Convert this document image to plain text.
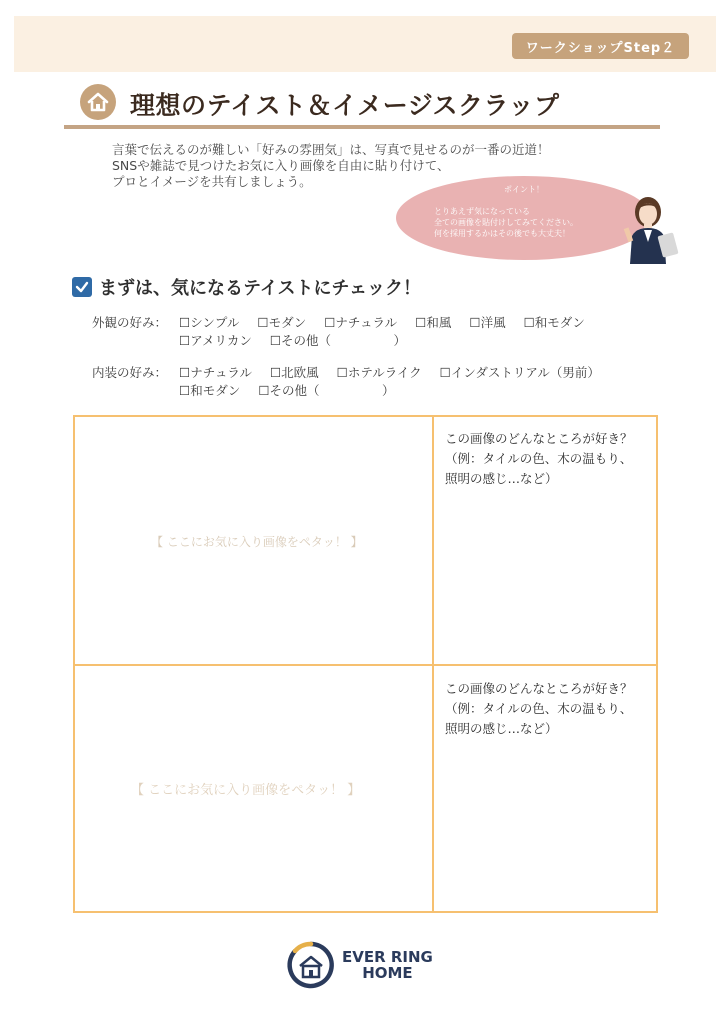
ワークショップStep２
理想のテイスト＆イメージスクラップ
言葉で伝えるのが難しい「好みの雰囲気」は、写真で見せるのが一番の近道！
SNSや雑誌で見つけたお気に入り画像を自由に貼り付けて、
プロとイメージを共有しましょう。
ポイント！
とりあえず気になっている
全ての画像を貼付けしてみてください。
何を採用するかはその後でも大丈夫！
まずは、気になるテイストにチェック！
外観の好み： ☐シンプル ☐モダン ☐ナチュラル ☐和風 ☐洋風 ☐和モダン
☐アメリカン ☐その他（　　　　　）
内装の好み： ☐ナチュラル ☐北欧風 ☐ホテルライク ☐インダストリアル（男前）
☐和モダン ☐その他（　　　　　）
【 ここにお気に入り画像をペタッ！ 】
【 ここにお気に入り画像をペタッ！ 】
この画像のどんなところが好き？
（例：タイルの色、木の温もり、
照明の感じ…など）
この画像のどんなところが好き？
（例：タイルの色、木の温もり、
照明の感じ…など）
EVER RING
HOME
